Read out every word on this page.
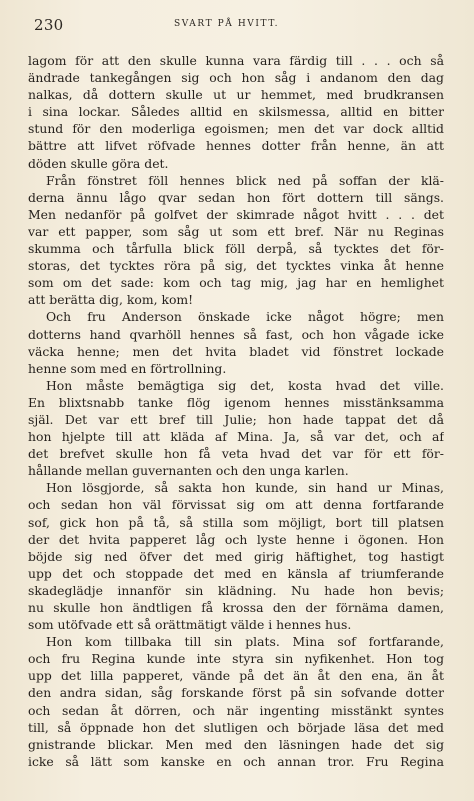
230	SVART PÅ HVITT.
lagom för att den skulle kunna vara färdig till . . . och så
ändrade tankegången sig och hon såg i andanom den dag
nalkas, då dottern skulle ut ur hemmet, med brudkransen
i sina lockar. Således alltid en skilsmessa, alltid en bitter
stund för den moderliga egoismen; men det var dock alltid
bättre att lifvet röfvade hennes dotter från henne, än att
döden skulle göra det.
Från fönstret föll hennes blick ned på soffan der klä-
derna ännu lågo qvar sedan hon fört dottern till sängs.
Men nedanför på golfvet der skimrade något hvitt . . . det
var ett papper, som såg ut som ett bref. När nu Reginas
skumma och tårfulla blick föll derpå, så tycktes det för-
storas, det tycktes röra på sig, det tycktes vinka åt henne
som om det sade: kom och tag mig, jag har en hemlighet
att berätta dig, kom, kom!
Och fru Anderson önskade icke något högre; men
dotterns hand qvarhöll hennes så fast, och hon vågade icke
väcka henne; men det hvita bladet vid fönstret lockade
henne som med en förtrollning.
Hon måste bemägtiga sig det, kosta hvad det ville.
En blixtsnabb tanke flög igenom hennes misstänksamma
själ. Det var ett bref till Julie; hon hade tappat det då
hon hjelpte till att kläda af Mina. Ja, så var det, och af
det brefvet skulle hon få veta hvad det var för ett för-
hållande mellan guvernanten och den unga karlen.
Hon lösgjorde, så sakta hon kunde, sin hand ur Minas,
och sedan hon väl förvissat sig om att denna fortfarande
sof, gick hon på tå, så stilla som möjligt, bort till platsen
der det hvita papperet låg och lyste henne i ögonen. Hon
böjde sig ned öfver det med girig häftighet, tog hastigt
upp det och stoppade det med en känsla af triumferande
skadeglädje innanför sin klädning. Nu hade hon bevis;
nu skulle hon ändtligen få krossa den der förnäma damen,
som utöfvade ett så orättmätigt välde i hennes hus.
Hon kom tillbaka till sin plats. Mina sof fortfarande,
och fru Regina kunde inte styra sin nyfikenhet. Hon tog
upp det lilla papperet, vände på det än åt den ena, än åt
den andra sidan, såg forskande först på sin sofvande dotter
och sedan åt dörren, och när ingenting misstänkt syntes
till, så öppnade hon det slutligen och började läsa det med
gnistrande blickar. Men med den läsningen hade det sig
icke så lätt som kanske en och annan tror. Fru Regina
